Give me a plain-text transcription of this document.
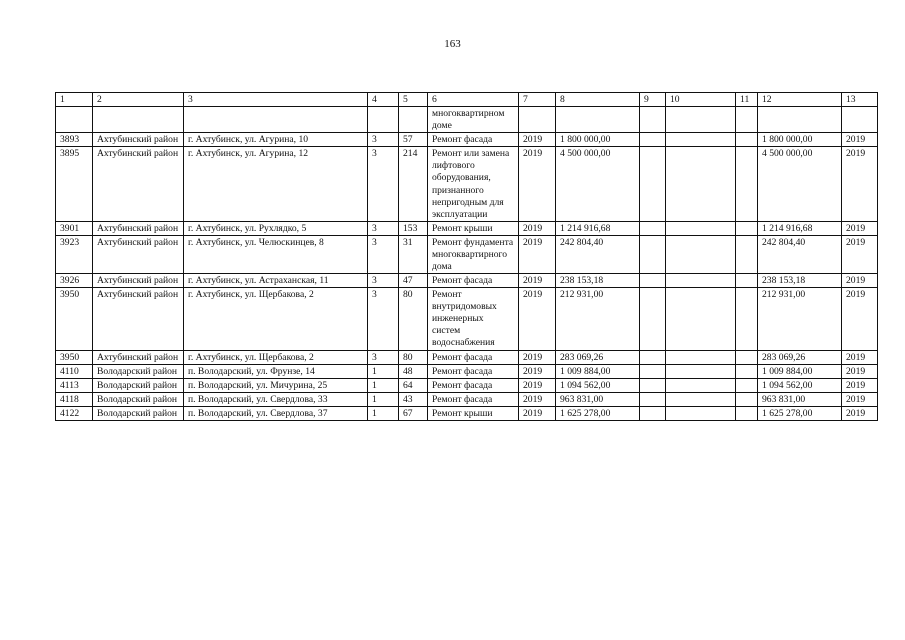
163
1	2	3	4	5	6	7	8	9	10	11	12	13
					многоквартирном доме							
3893	Ахтубинский район	г. Ахтубинск, ул. Агурина, 10	3	57	Ремонт фасада	2019	1 800 000,00				1 800 000,00	2019
3895	Ахтубинский район	г. Ахтубинск, ул. Агурина, 12	3	214	Ремонт или замена лифтового оборудования, признанного непригодным для эксплуатации	2019	4 500 000,00				4 500 000,00	2019
3901	Ахтубинский район	г. Ахтубинск, ул. Рухлядко, 5	3	153	Ремонт крыши	2019	1 214 916,68				1 214 916,68	2019
3923	Ахтубинский район	г. Ахтубинск, ул. Челюскинцев, 8	3	31	Ремонт фундамента многоквартирного дома	2019	242 804,40				242 804,40	2019
3926	Ахтубинский район	г. Ахтубинск, ул. Астраханская, 11	3	47	Ремонт фасада	2019	238 153,18				238 153,18	2019
3950	Ахтубинский район	г. Ахтубинск, ул. Щербакова, 2	3	80	Ремонт внутридомовых инженерных систем водоснабжения	2019	212 931,00				212 931,00	2019
3950	Ахтубинский район	г. Ахтубинск, ул. Щербакова, 2	3	80	Ремонт фасада	2019	283 069,26				283 069,26	2019
4110	Володарский район	п. Володарский, ул. Фрунзе, 14	1	48	Ремонт фасада	2019	1 009 884,00				1 009 884,00	2019
4113	Володарский район	п. Володарский, ул. Мичурина, 25	1	64	Ремонт фасада	2019	1 094 562,00				1 094 562,00	2019
4118	Володарский район	п. Володарский, ул. Свердлова, 33	1	43	Ремонт фасада	2019	963 831,00				963 831,00	2019
4122	Володарский район	п. Володарский, ул. Свердлова, 37	1	67	Ремонт крыши	2019	1 625 278,00				1 625 278,00	2019
